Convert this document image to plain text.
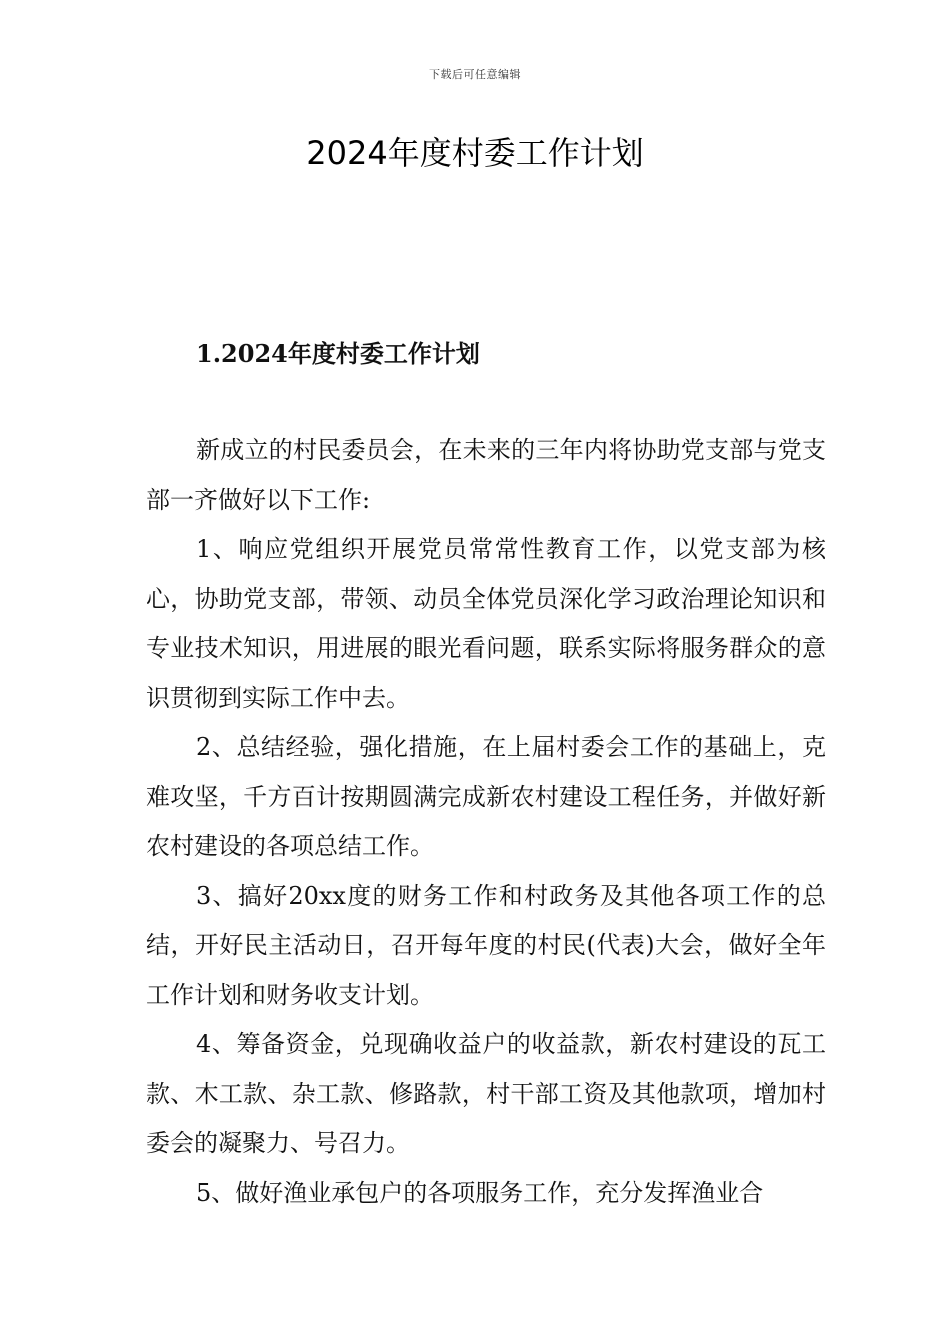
下载后可任意编辑
2024年度村委工作计划
1.2024年度村委工作计划

新成立的村民委员会，在未来的三年内将协助党支部与党支部一齐做好以下工作:

1、响应党组织开展党员常常性教育工作，以党支部为核心，协助党支部，带领、动员全体党员深化学习政治理论知识和专业技术知识，用进展的眼光看问题，联系实际将服务群众的意识贯彻到实际工作中去。

2、总结经验，强化措施，在上届村委会工作的基础上，克难攻坚，千方百计按期圆满完成新农村建设工程任务，并做好新农村建设的各项总结工作。

3、搞好20xx度的财务工作和村政务及其他各项工作的总结，开好民主活动日，召开每年度的村民(代表)大会，做好全年工作计划和财务收支计划。

4、筹备资金，兑现确收益户的收益款，新农村建设的瓦工款、木工款、杂工款、修路款，村干部工资及其他款项，增加村委会的凝聚力、号召力。

5、做好渔业承包户的各项服务工作，充分发挥渔业合
